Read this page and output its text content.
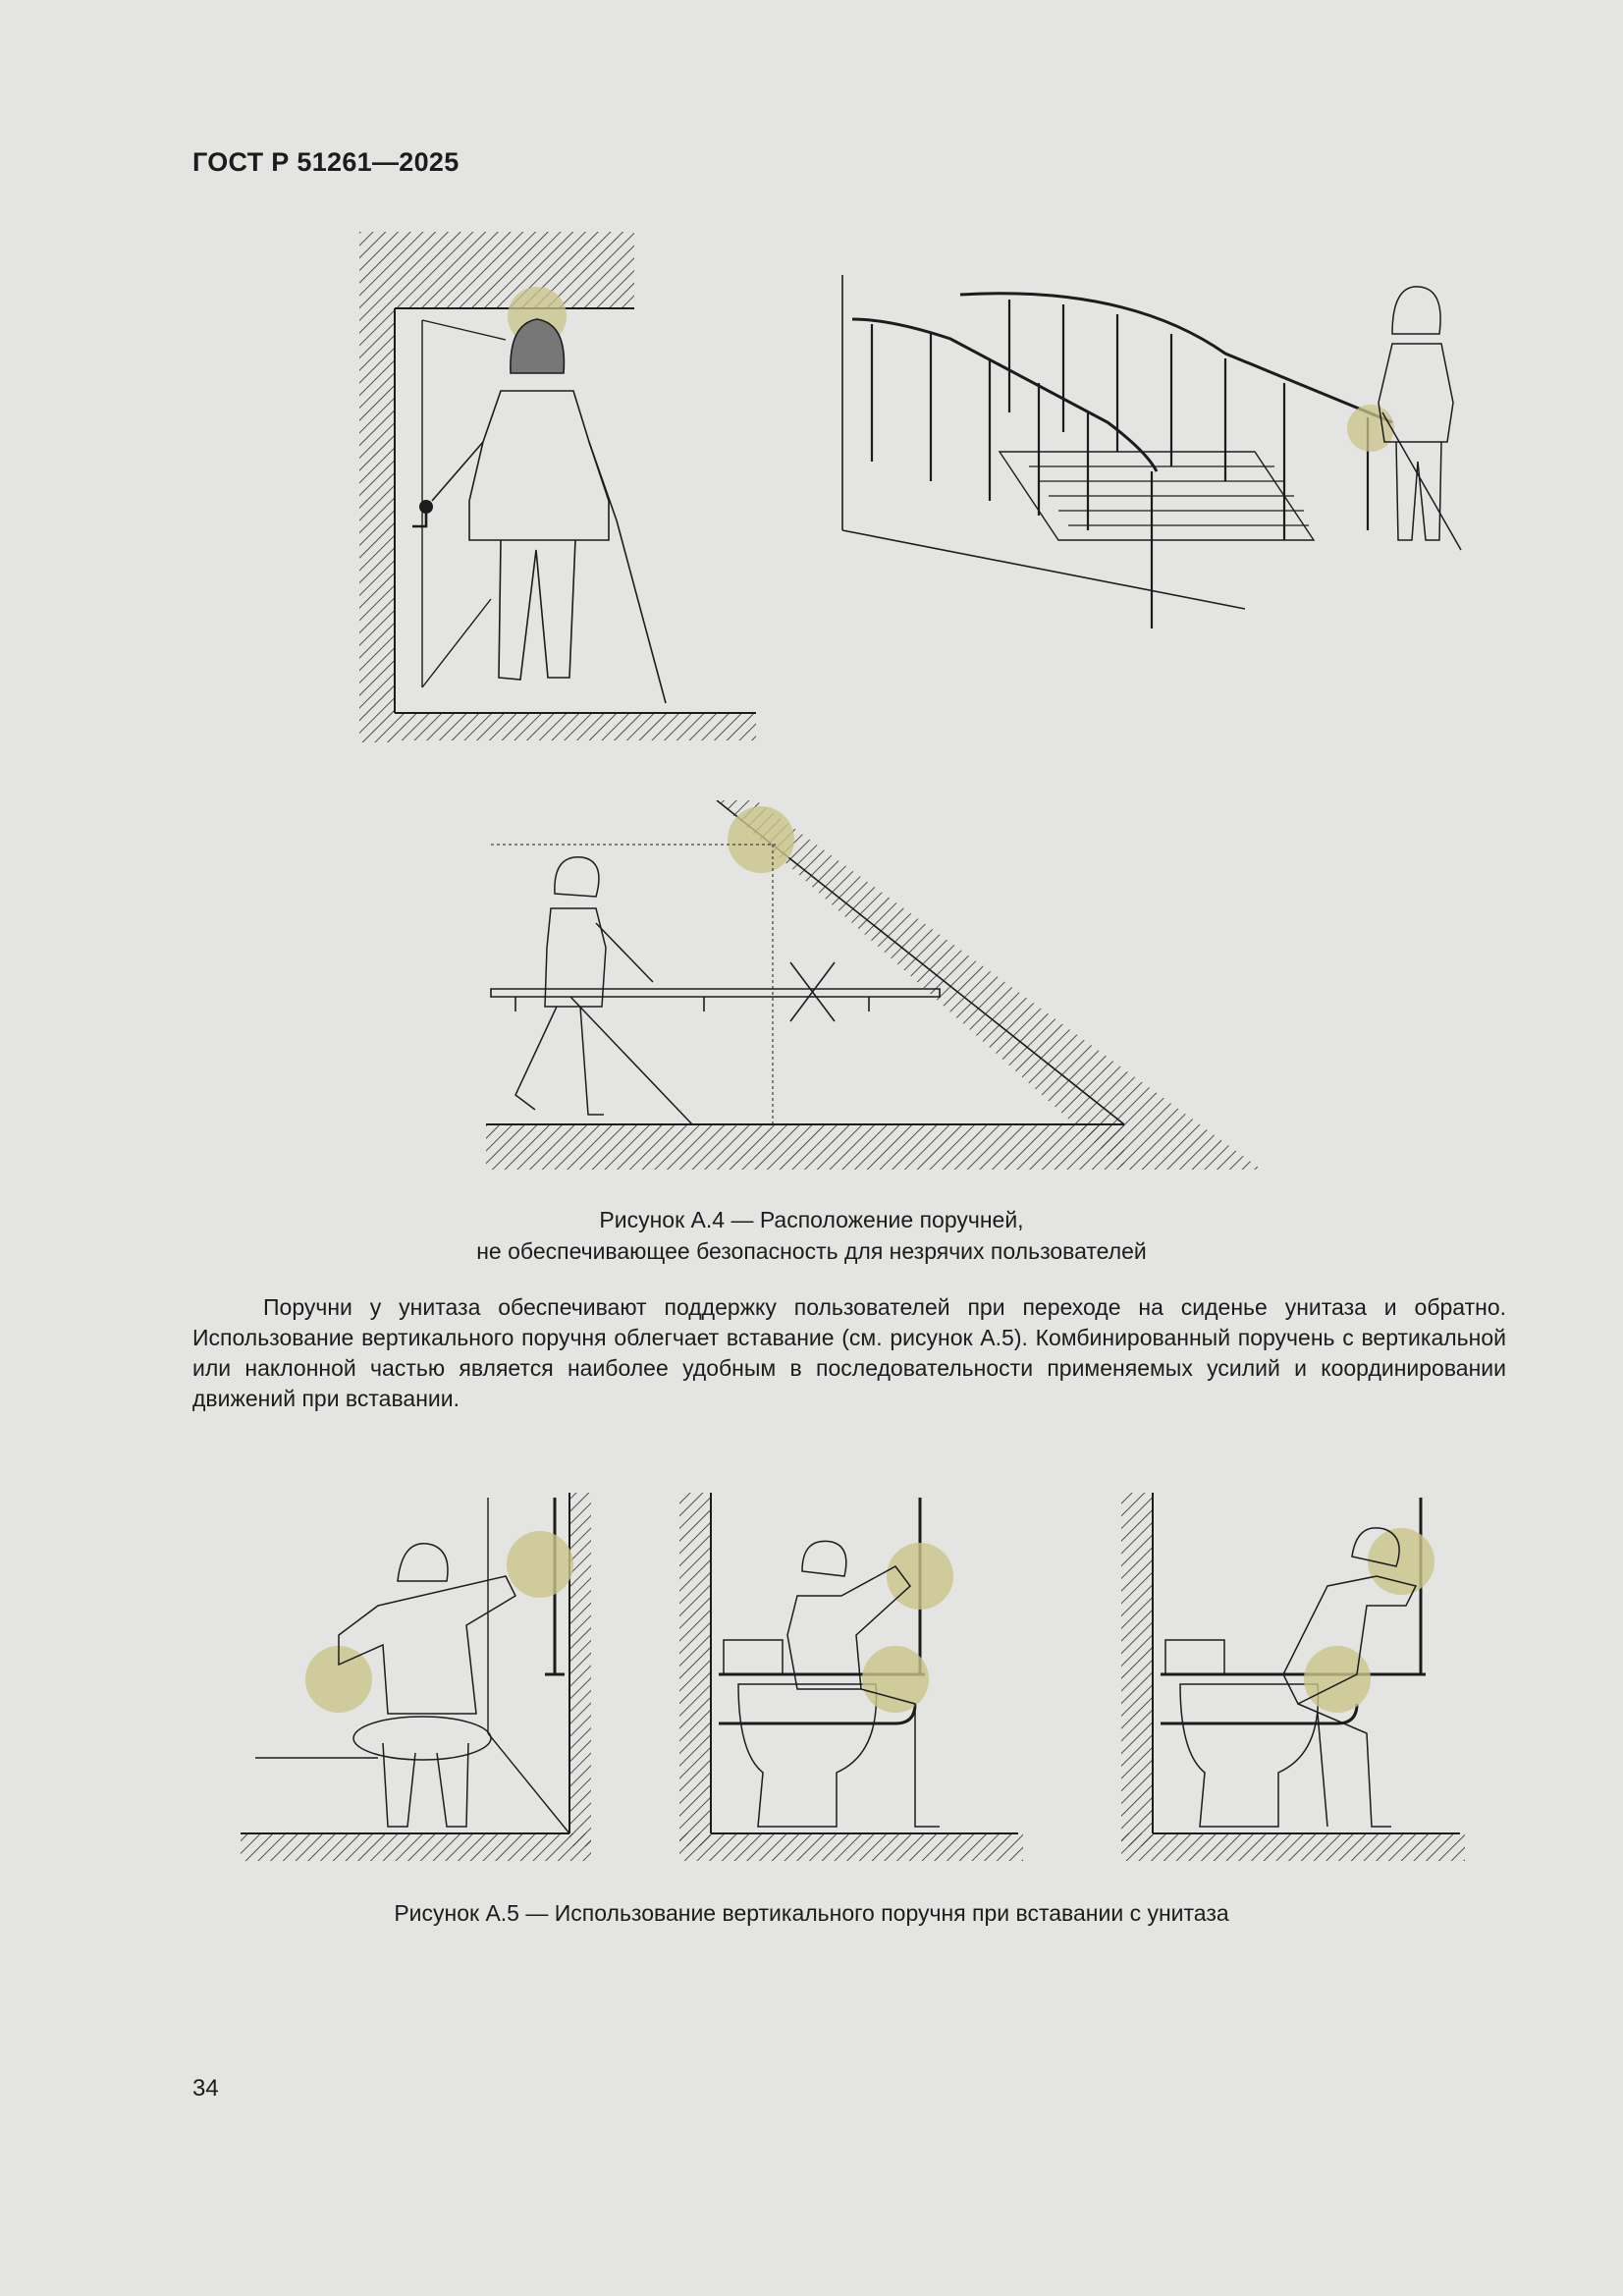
ГОСТ Р 51261—2025
Рисунок А.4 — Расположение поручней,
не обеспечивающее безопасность для незрячих пользователей
Поручни у унитаза обеспечивают поддержку пользователей при переходе на сиденье унитаза и обратно. Использование вертикального поручня облегчает вставание (см. рисунок А.5). Комбинированный поручень с вертикальной или наклонной частью является наиболее удобным в последовательности применяемых усилий и координировании движений при вставании.
Рисунок А.5 — Использование вертикального поручня при вставании с унитаза
34
